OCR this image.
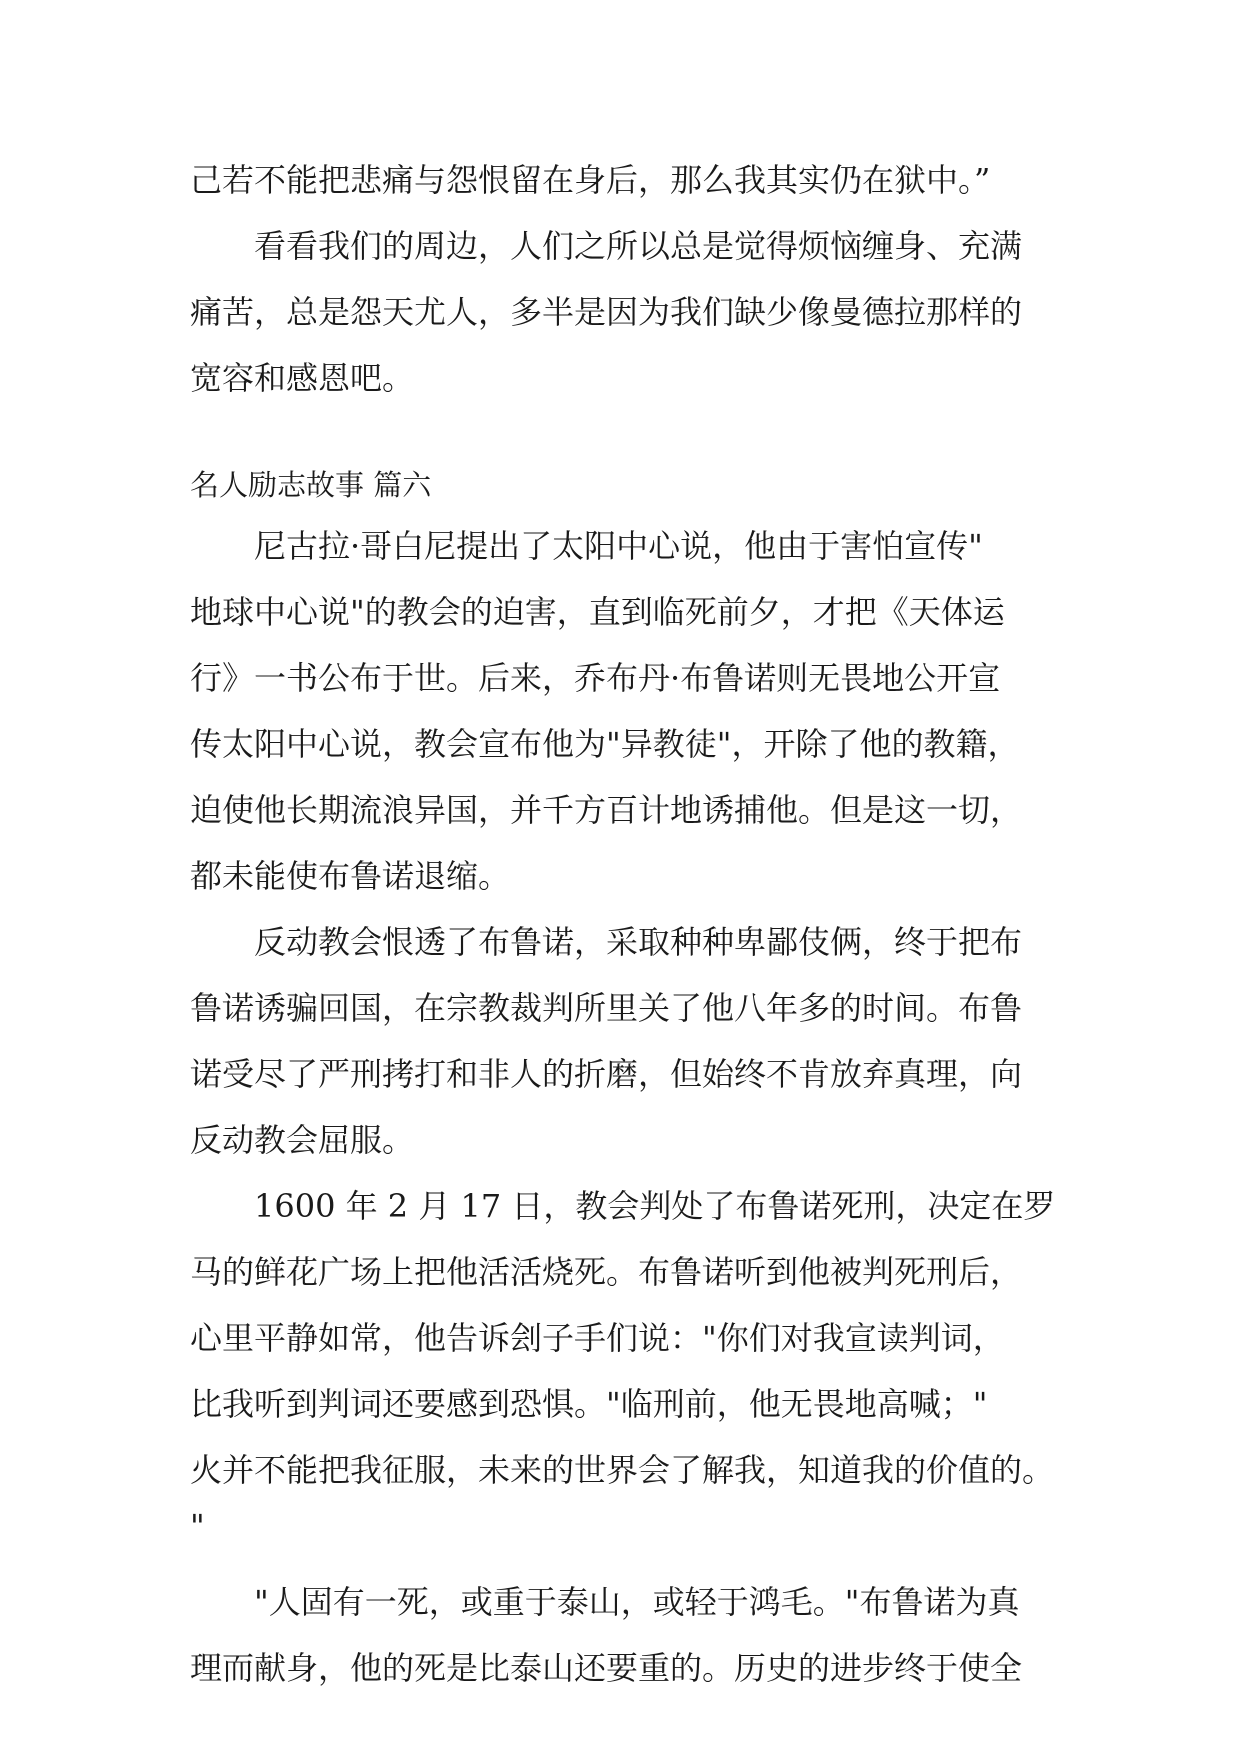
己若不能把悲痛与怨恨留在身后，那么我其实仍在狱中。”
看看我们的周边，人们之所以总是觉得烦恼缠身、充满
痛苦，总是怨天尤人，多半是因为我们缺少像曼德拉那样的
宽容和感恩吧。
名人励志故事 篇六
尼古拉·哥白尼提出了太阳中心说，他由于害怕宣传"
地球中心说"的教会的迫害，直到临死前夕，才把《天体运
行》一书公布于世。后来，乔布丹·布鲁诺则无畏地公开宣
传太阳中心说，教会宣布他为"异教徒"，开除了他的教籍，
迫使他长期流浪异国，并千方百计地诱捕他。但是这一切，
都未能使布鲁诺退缩。
反动教会恨透了布鲁诺，采取种种卑鄙伎俩，终于把布
鲁诺诱骗回国，在宗教裁判所里关了他八年多的时间。布鲁
诺受尽了严刑拷打和非人的折磨，但始终不肯放弃真理，向
反动教会屈服。
1600 年 2 月 17 日，教会判处了布鲁诺死刑，决定在罗
马的鲜花广场上把他活活烧死。布鲁诺听到他被判死刑后，
心里平静如常，他告诉刽子手们说："你们对我宣读判词，
比我听到判词还要感到恐惧。"临刑前，他无畏地高喊；"
火并不能把我征服，未来的世界会了解我，知道我的价值的。
"
"人固有一死，或重于泰山，或轻于鸿毛。"布鲁诺为真
理而献身，他的死是比泰山还要重的。历史的进步终于使全
